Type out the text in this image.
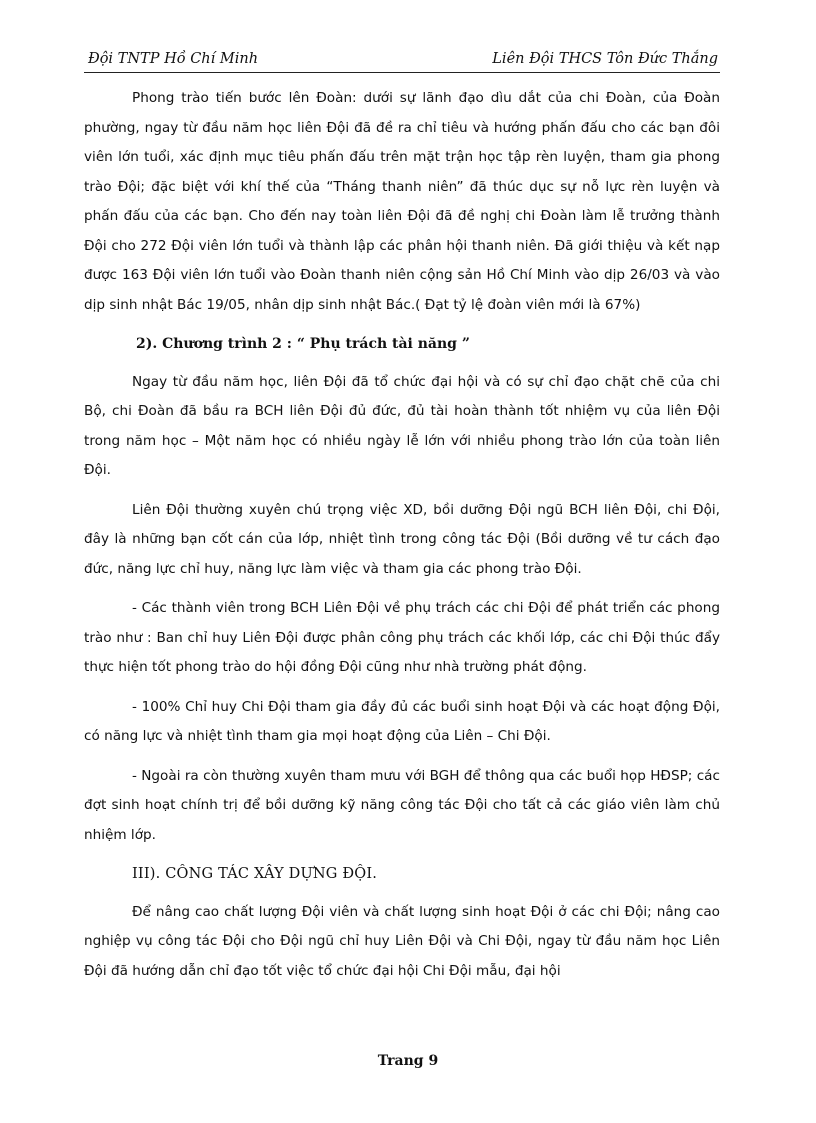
Đội TNTP Hồ Chí Minh	Liên Đội THCS Tôn Đức Thắng

Phong trào tiến bước lên Đoàn: dưới sự lãnh đạo dìu dắt của chi Đoàn, của Đoàn phường, ngay từ đầu năm học liên Đội đã đề ra chỉ tiêu và hướng phấn đấu cho các bạn đôi viên lớn tuổi, xác định mục tiêu phấn đấu trên mặt trận học tập rèn luyện, tham gia phong trào Đội; đặc biệt với khí thế của “Tháng thanh niên” đã thúc dục sự nỗ lực rèn luyện và phấn đấu của các bạn. Cho đến nay toàn liên Đội đã đề nghị chi Đoàn làm lễ trưởng thành Đội cho 272 Đội viên lớn tuổi và thành lập các phân hội thanh niên. Đã giới thiệu và kết nạp được 163 Đội viên lớn tuổi vào Đoàn thanh niên cộng sản Hồ Chí Minh vào dịp 26/03 và vào dịp sinh nhật Bác 19/05, nhân dịp sinh nhật Bác.( Đạt tỷ lệ đoàn viên mới là 67%)

2). Chương trình 2 : “ Phụ trách tài năng ”

Ngay từ đầu năm học, liên Đội đã tổ chức đại hội và có sự chỉ đạo chặt chẽ của chi Bộ, chi Đoàn đã bầu ra BCH liên Đội đủ đức, đủ tài hoàn thành tốt nhiệm vụ của liên Đội trong năm học – Một năm học có nhiều ngày lễ lớn với nhiều phong trào lớn của toàn liên Đội.

Liên Đội thường xuyên chú trọng việc XD, bồi dưỡng Đội ngũ BCH liên Đội, chi Đội, đây là những bạn cốt cán của lớp, nhiệt tình trong công tác Đội (Bồi dưỡng về tư cách đạo đức, năng lực chỉ huy, năng lực làm việc và tham gia các phong trào Đội.

- Các thành viên trong BCH Liên Đội về phụ trách các chi Đội để phát triển các phong trào như : Ban chỉ huy Liên Đội được phân công phụ trách các khối lớp, các chi Đội thúc đẩy thực hiện tốt phong trào do hội đồng Đội cũng như nhà trường phát động.

- 100% Chỉ huy Chi Đội tham gia đầy đủ các buổi sinh hoạt Đội và các hoạt động Đội, có năng lực và nhiệt tình tham gia mọi hoạt động của Liên – Chi Đội.

- Ngoài ra còn thường xuyên tham mưu với BGH để thông qua các buổi họp HĐSP; các đợt sinh hoạt chính trị để bồi dưỡng kỹ năng công tác Đội cho tất cả các giáo viên làm chủ nhiệm lớp.

III). CÔNG TÁC XÂY DỰNG ĐỘI.

Để nâng cao chất lượng Đội viên và chất lượng sinh hoạt Đội ở các chi Đội; nâng cao nghiệp vụ công tác Đội cho Đội ngũ chỉ huy Liên Đội và Chi Đội, ngay từ đầu năm học Liên Đội đã hướng dẫn chỉ đạo tốt việc tổ chức đại hội Chi Đội mẫu, đại hội

Trang 9
